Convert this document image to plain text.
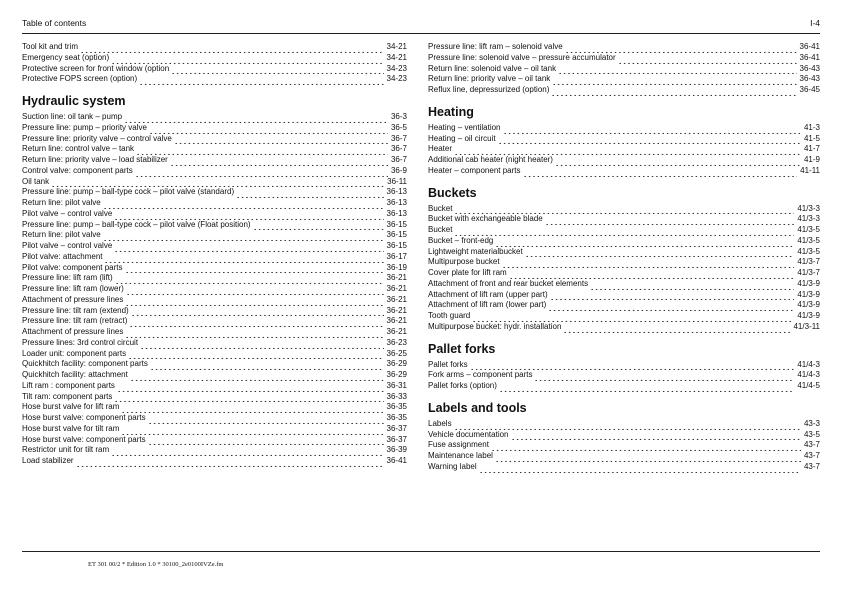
Table of contents	I-4
Tool kit and trim	34-21
Emergency seat (option)	34-21
Protective screen for front window (option	34-23
Protective FOPS screen (option)	34-23
Hydraulic system
Suction line: oil tank – pump	36-3
Pressure line: pump – priority valve	36-5
Pressure line: priority valve – control valve	36-7
Return line: control valve – tank	36-7
Return line: priority valve – load stabilizer	36-7
Control valve: component parts	36-9
Oil tank	36-11
Pressure line: pump – ball-type cock – pilot valve (standard)	36-13
Return line: pilot valve	36-13
Pilot valve – control valve	36-13
Pressure line: pump – ball-type cock – pilot valve (Float position)	36-15
Return line: pilot valve	36-15
Pilot valve – control valve	36-15
Pilot valve: attachment	36-17
Pilot valve: component parts	36-19
Pressure line: lift ram (lift)	36-21
Pressure line: lift ram (lower)	36-21
Attachment of pressure lines	36-21
Pressure line: tilt ram (extend)	36-21
Pressure line: tilt ram (retract)	36-21
Attachment of pressure lines	36-21
Pressure lines: 3rd control circuit	36-23
Loader unit: component parts	36-25
Quickhitch facility: component parts	36-29
Quickhitch facility: attachment	36-29
Lift ram : component parts	36-31
Tilt ram: component parts	36-33
Hose burst valve for lift ram	36-35
Hose burst valve: component parts	36-35
Hose burst valve for tilt ram	36-37
Hose burst valve: component parts	36-37
Restrictor unit for tilt ram	36-39
Load stabilizer	36-41
Pressure line: lift ram – solenoid valve	36-41
Pressure line: solenoid valve – pressure accumulator	36-41
Return line: solenoid valve – oil tank	36-43
Return line: priority valve – oil tank	36-43
Reflux line, depressurized (option)	36-45
Heating
Heating – ventilation	41-3
Heating – oil circuit	41-5
Heater	41-7
Additional cab heater (night heater)	41-9
Heater – component parts	41-11
Buckets
Bucket	41/3-3
Bucket with exchangeable blade	41/3-3
Bucket	41/3-5
Bucket – front-edg	41/3-5
Lightweight materialbucket	41/3-5
Multipurpose bucket	41/3-7
Cover plate for lift ram	41/3-7
Attachment of front and rear bucket elements	41/3-9
Attachment of lift ram (upper part)	41/3-9
Attachment of lift ram (lower part)	41/3-9
Tooth guard	41/3-9
Multipurpose bucket: hydr. installation	41/3-11
Pallet forks
Pallet forks	41/4-3
Fork arms – component parts	41/4-3
Pallet forks (option)	41/4-5
Labels and tools
Labels	43-3
Vehicle documentation	43-5
Fuse assignment	43-7
Maintenance label	43-7
Warning label	43-7
ET 301 00/2 * Edition 1.0 * 30100_2e0100IVZe.fm
